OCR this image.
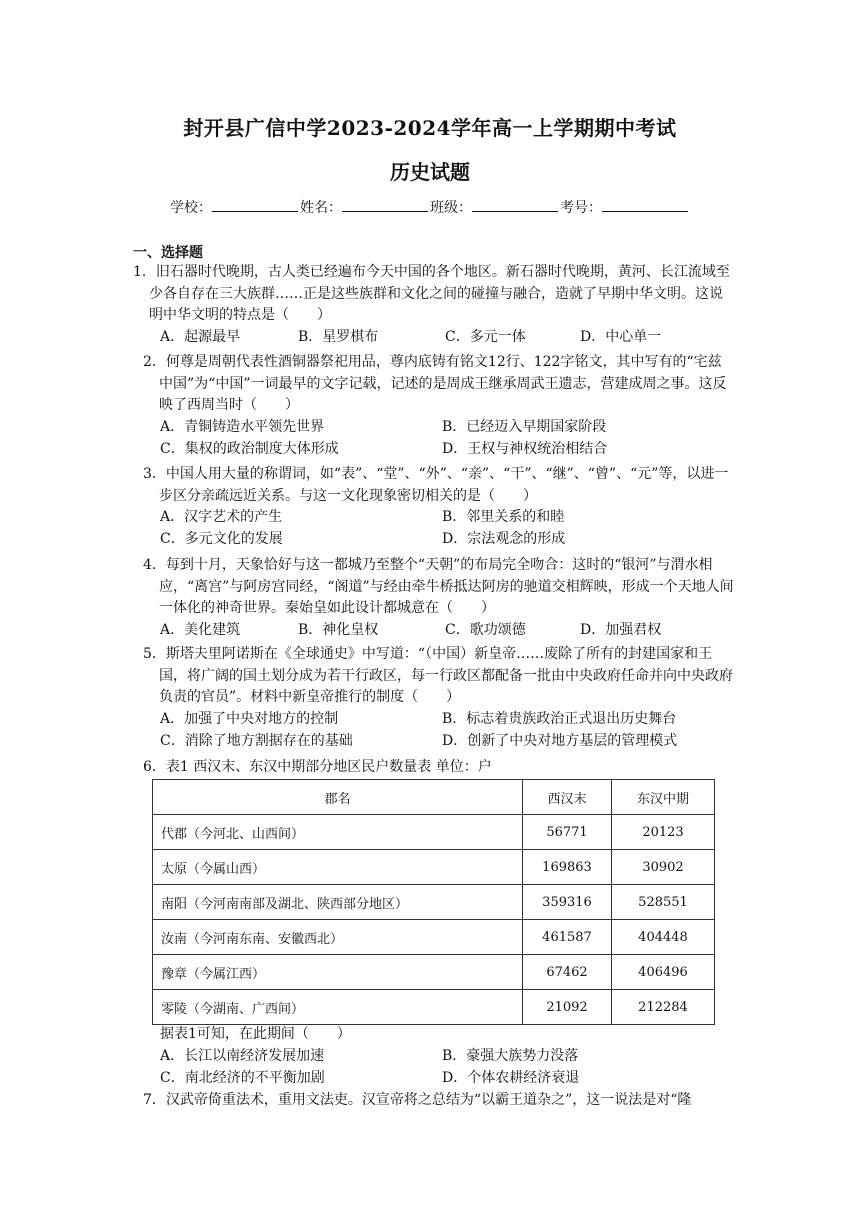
封开县广信中学2023-2024学年高一上学期期中考试
历史试题
学校：	姓名：	班级：	考号：
一、选择题
1．旧石器时代晚期，古人类已经遍布今天中国的各个地区。新石器时代晚期，黄河、长江流域至少各自存在三大族群……正是这些族群和文化之间的碰撞与融合，造就了早期中华文明。这说明中华文明的特点是（　　）
A．起源最早	B．星罗棋布	C．多元一体	D．中心单一
2．何尊是周朝代表性酒铜器祭祀用品，尊内底铸有铭文12行、122字铭文，其中写有的“宅兹中国”为“中国”一词最早的文字记载，记述的是周成王继承周武王遗志，营建成周之事。这反映了西周当时（　　）
A．青铜铸造水平领先世界	B．已经迈入早期国家阶段
C．集权的政治制度大体形成	D．王权与神权统治相结合
3．中国人用大量的称谓词，如“表”、“堂”、“外”、“亲”、“干”、“继”、“曾”、“元”等，以进一步区分亲疏远近关系。与这一文化现象密切相关的是（　　）
A．汉字艺术的产生	B．邻里关系的和睦
C．多元文化的发展	D．宗法观念的形成
4．每到十月，天象恰好与这一都城乃至整个“天朝”的布局完全吻合：这时的“银河”与渭水相应，“离宫”与阿房宫同经，“阁道”与经由牵牛桥抵达阿房的驰道交相辉映，形成一个天地人间一体化的神奇世界。秦始皇如此设计都城意在（　　）
A．美化建筑	B．神化皇权	C．歌功颂德	D．加强君权
5．斯塔夫里阿诺斯在《全球通史》中写道：“（中国）新皇帝……废除了所有的封建国家和王国，将广阔的国土划分成为若干行政区，每一行政区都配备一批由中央政府任命并向中央政府负责的官员”。材料中新皇帝推行的制度（　　）
A．加强了中央对地方的控制	B．标志着贵族政治正式退出历史舞台
C．消除了地方割据存在的基础	D．创新了中央对地方基层的管理模式
6．表1 西汉末、东汉中期部分地区民户数量表 单位：户
郡名	西汉末	东汉中期
代郡（今河北、山西间）	56771	20123
太原（今属山西）	169863	30902
南阳（今河南南部及湖北、陕西部分地区）	359316	528551
汝南（今河南东南、安徽西北）	461587	404448
豫章（今属江西）	67462	406496
零陵（今湖南、广西间）	21092	212284
据表1可知，在此期间（　　）
A．长江以南经济发展加速	B．豪强大族势力没落
C．南北经济的不平衡加剧	D．个体农耕经济衰退
7．汉武帝倚重法术，重用文法吏。汉宣帝将之总结为“以霸王道杂之”，这一说法是对“隆
